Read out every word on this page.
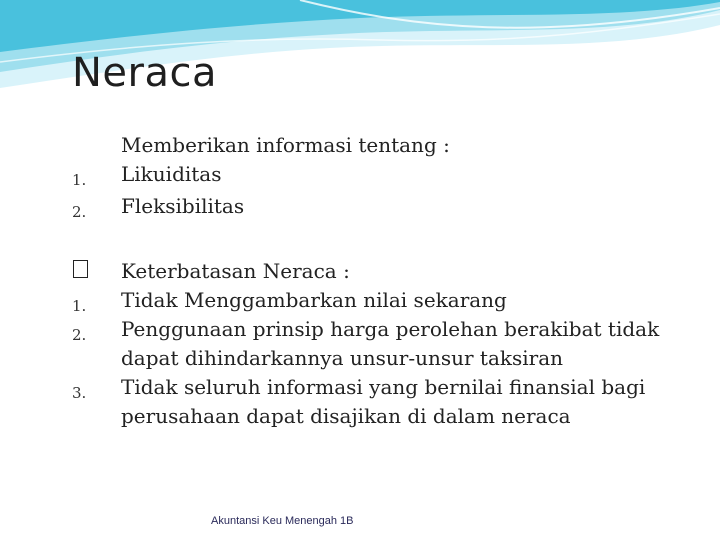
Neraca
Memberikan informasi tentang :
1. Likuiditas
2. Fleksibilitas
Keterbatasan Neraca :
1. Tidak Menggambarkan nilai sekarang
2. Penggunaan prinsip harga perolehan berakibat tidak
dapat dihindarkannya unsur-unsur taksiran
3. Tidak seluruh informasi yang bernilai finansial bagi
perusahaan dapat disajikan di dalam neraca
Akuntansi Keu Menengah 1B
